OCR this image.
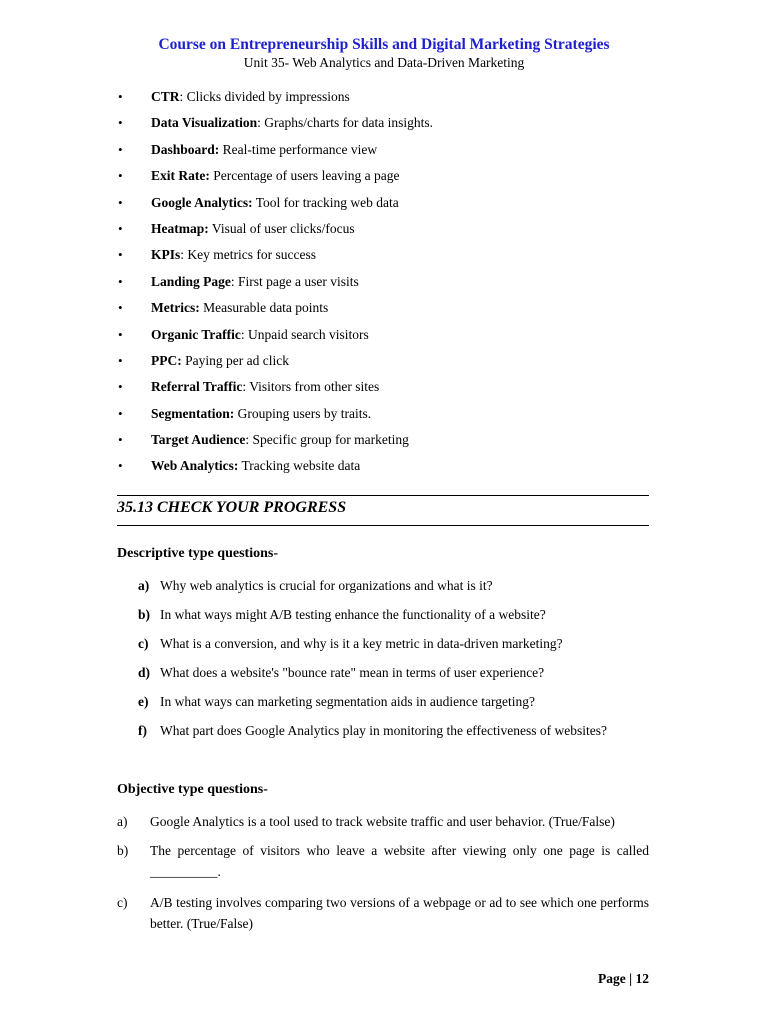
Course on Entrepreneurship Skills and Digital Marketing Strategies
Unit 35- Web Analytics and Data-Driven Marketing
• CTR: Clicks divided by impressions
• Data Visualization: Graphs/charts for data insights.
• Dashboard: Real-time performance view
• Exit Rate: Percentage of users leaving a page
• Google Analytics: Tool for tracking web data
• Heatmap: Visual of user clicks/focus
• KPIs: Key metrics for success
• Landing Page: First page a user visits
• Metrics: Measurable data points
• Organic Traffic: Unpaid search visitors
• PPC: Paying per ad click
• Referral Traffic: Visitors from other sites
• Segmentation: Grouping users by traits.
• Target Audience: Specific group for marketing
• Web Analytics: Tracking website data
35.13 CHECK YOUR PROGRESS
Descriptive type questions-
a) Why web analytics is crucial for organizations and what is it?
b) In what ways might A/B testing enhance the functionality of a website?
c) What is a conversion, and why is it a key metric in data-driven marketing?
d) What does a website's "bounce rate" mean in terms of user experience?
e) In what ways can marketing segmentation aids in audience targeting?
f) What part does Google Analytics play in monitoring the effectiveness of websites?
Objective type questions-
a) Google Analytics is a tool used to track website traffic and user behavior. (True/False)
b) The percentage of visitors who leave a website after viewing only one page is called __________.
c) A/B testing involves comparing two versions of a webpage or ad to see which one performs better. (True/False)
Page | 12
